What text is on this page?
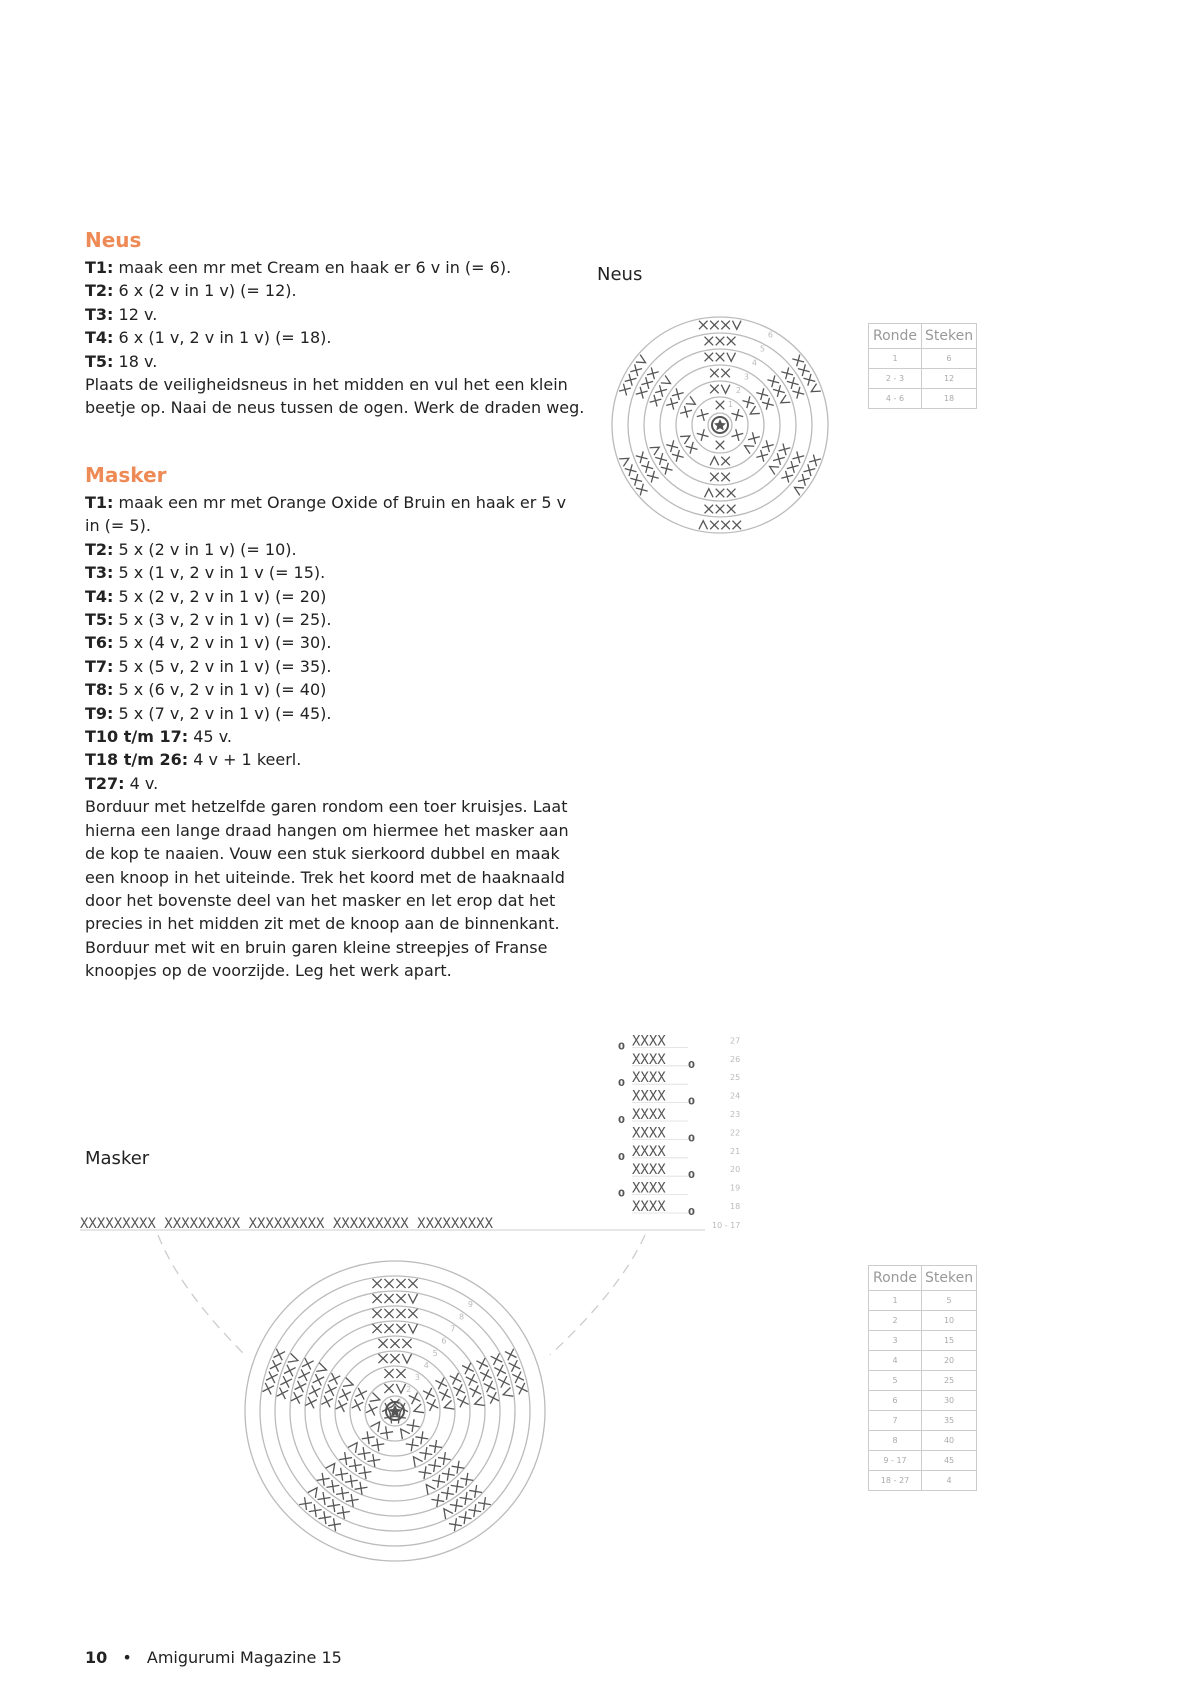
Neus
T1: maak een mr met Cream en haak er 6 v in (= 6).
T2: 6 x (2 v in 1 v) (= 12).
T3: 12 v.
T4: 6 x (1 v, 2 v in 1 v) (= 18).
T5: 18 v.
Plaats de veiligheidsneus in het midden en vul het een klein beetje op. Naai de neus tussen de ogen. Werk de draden weg.
Masker
T1: maak een mr met Orange Oxide of Bruin en haak er 5 v in (= 5).
T2: 5 x (2 v in 1 v) (= 10).
T3: 5 x (1 v, 2 v in 1 v (= 15).
T4: 5 x (2 v, 2 v in 1 v) (= 20)
T5: 5 x (3 v, 2 v in 1 v) (= 25).
T6: 5 x (4 v, 2 v in 1 v) (= 30).
T7: 5 x (5 v, 2 v in 1 v) (= 35).
T8: 5 x (6 v, 2 v in 1 v) (= 40)
T9: 5 x (7 v, 2 v in 1 v) (= 45).
T10 t/m 17: 45 v.
T18 t/m 26: 4 v + 1 keerl.
T27: 4 v.
Borduur met hetzelfde garen rondom een toer kruisjes. Laat hierna een lange draad hangen om hiermee het masker aan de kop te naaien. Vouw een stuk sierkoord dubbel en maak een knoop in het uiteinde. Trek het koord met de haaknaald door het bovenste deel van het masker en let erop dat het precies in het midden zit met de knoop aan de binnenkant. Borduur met wit en bruin garen kleine streepjes of Franse knoopjes op de voorzijde. Leg het werk apart.
Neus
1
2
3
4
5
6	Ronde	Steken
1	6
2 - 3	12
4 - 6	18
Masker
XXXXXXXXX XXXXXXXXX XXXXXXXXX XXXXXXXXX XXXXXXXXX	10 - 17
XXXX
0
27
XXXX 0
26
XXXX
0
25
XXXX 0
24
XXXX
0
23
XXXX 0
22
XXXX
0
21
XXXX 0
20
XXXX
0
19
XXXX 0
18
1
2
3
4
5
6
7
8
9
Ronde	Steken
1	5
2	10
3	15
4	20
5	25
6	30
7	35
8	40
9 - 17	45
18 - 27	4
10 • Amigurumi Magazine 15
